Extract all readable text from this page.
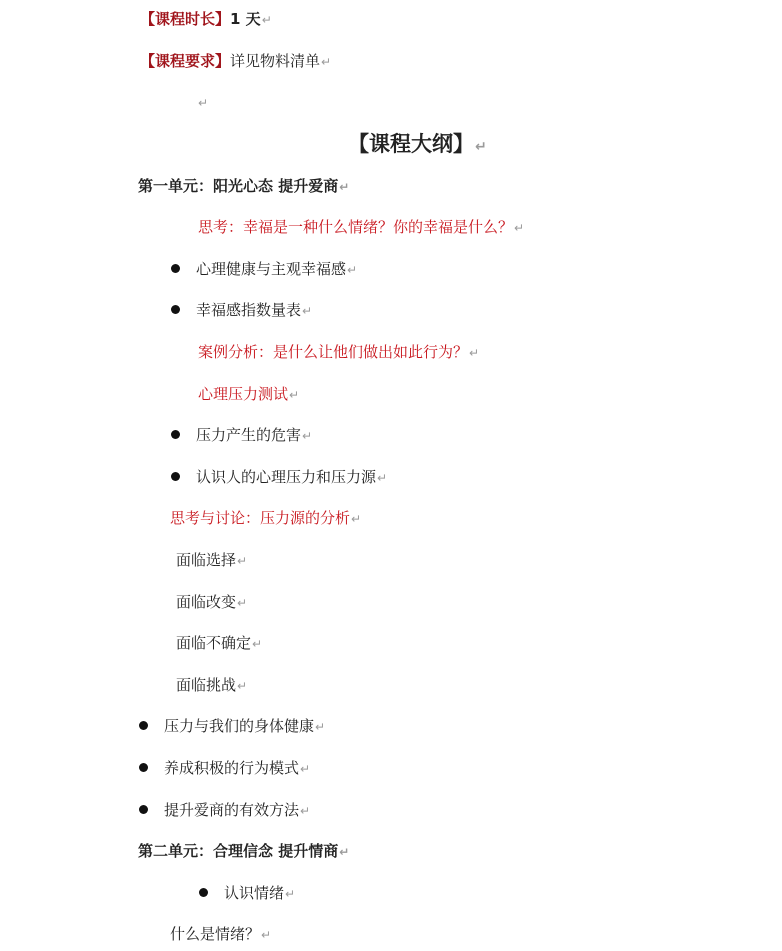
【课程时长】1 天↵
【课程要求】详见物料清单↵
↵
【课程大纲】↵
第一单元：阳光心态 提升爱商↵
思考：幸福是一种什么情绪？你的幸福是什么？↵
心理健康与主观幸福感↵
幸福感指数量表↵
案例分析：是什么让他们做出如此行为？↵
心理压力测试↵
压力产生的危害↵
认识人的心理压力和压力源↵
思考与讨论：压力源的分析↵
面临选择↵
面临改变↵
面临不确定↵
面临挑战↵
压力与我们的身体健康↵
养成积极的行为模式↵
提升爱商的有效方法↵
第二单元：合理信念 提升情商↵
认识情绪↵
什么是情绪？↵
